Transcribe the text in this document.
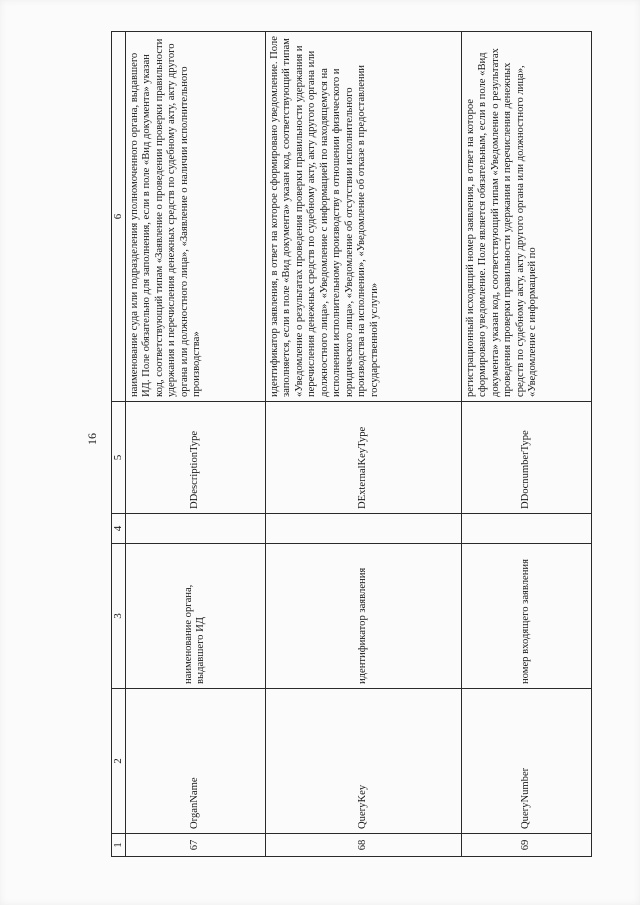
16
1	2	3	4	5	6
67	OrganName	наименование органа, выдавшего ИД		DDescriptionType	наименование суда или подразделения уполномоченного органа, выдавшего ИД. Поле обязательно для заполнения, если в поле «Вид документа» указан код, соответствующий типам «Заявление о проведении проверки правильности удержания и перечисления денежных средств по судебному акту, акту другого органа или должностного лица», «Заявление о наличии исполнительного производства»
68	QueryKey	идентификатор заявления		DExternalKeyType	идентификатор заявления, в ответ на которое сформировано уведомление. Поле заполняется, если в поле «Вид документа» указан код, соответствующий типам «Уведомление о результатах проведения проверки правильности удержания и перечисления денежных средств по судебному акту, акту другого органа или должностного лица», «Уведомление с информацией по находящемуся на исполнении исполнительному производству в отношении физического и юридического лица», «Уведомление об отсутствии исполнительного производства на исполнении», «Уведомление об отказе в предоставлении государственной услуги»
69	QueryNumber	номер входящего заявления		DDocnumberType	регистрационный исходящий номер заявления, в ответ на которое сформировано уведомление. Поле является обязательным, если в поле «Вид документа» указан код, соответствующий типам «Уведомление о результатах проведения проверки правильности удержания и перечисления денежных средств по судебному акту, акту другого органа или должностного лица», «Уведомление с информацией по
